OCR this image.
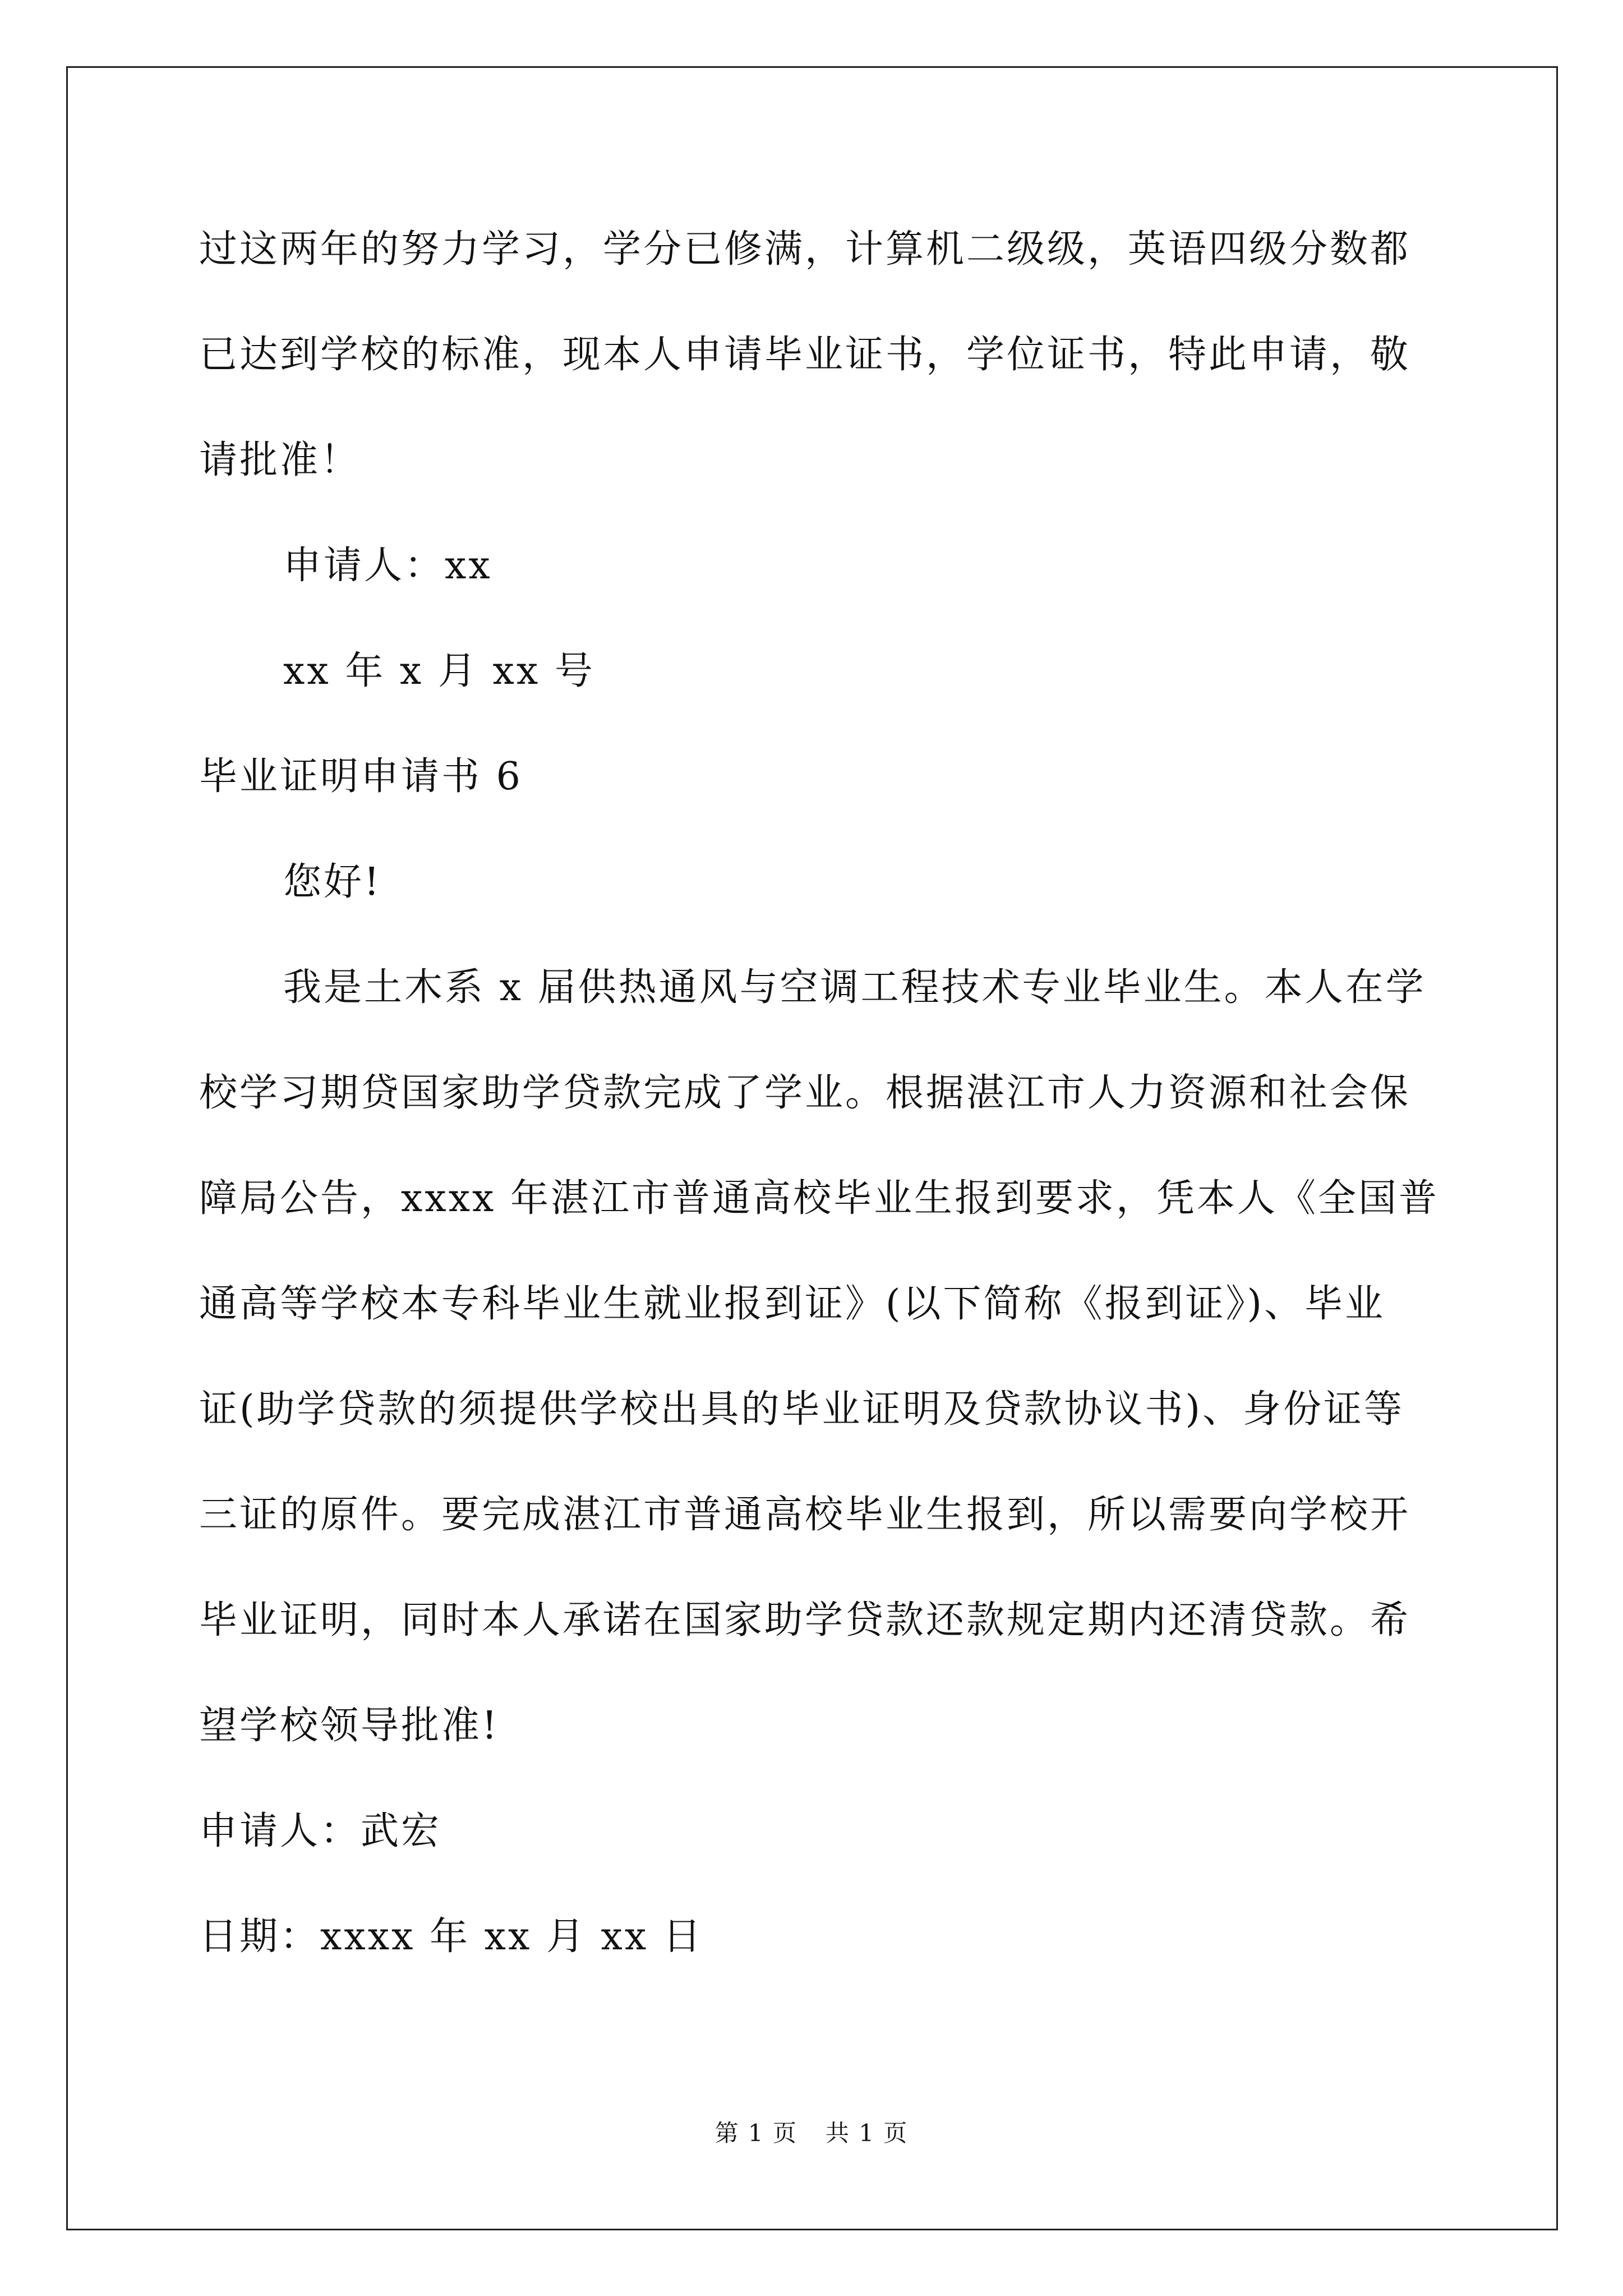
过这两年的努力学习，学分已修满，计算机二级级，英语四级分数都
已达到学校的标准，现本人申请毕业证书，学位证书，特此申请，敬
请批准！
申请人：xx
xx 年 x 月 xx 号
毕业证明申请书 6
您好!
我是土木系 x 届供热通风与空调工程技术专业毕业生。本人在学
校学习期贷国家助学贷款完成了学业。根据湛江市人力资源和社会保
障局公告，xxxx 年湛江市普通高校毕业生报到要求，凭本人《全国普
通高等学校本专科毕业生就业报到证》(以下简称《报到证》)、毕业
证(助学贷款的须提供学校出具的毕业证明及贷款协议书)、身份证等
三证的原件。要完成湛江市普通高校毕业生报到，所以需要向学校开
毕业证明，同时本人承诺在国家助学贷款还款规定期内还清贷款。希
望学校领导批准!
申请人：武宏
日期：xxxx 年 xx 月 xx 日
第 1 页 共 1 页
